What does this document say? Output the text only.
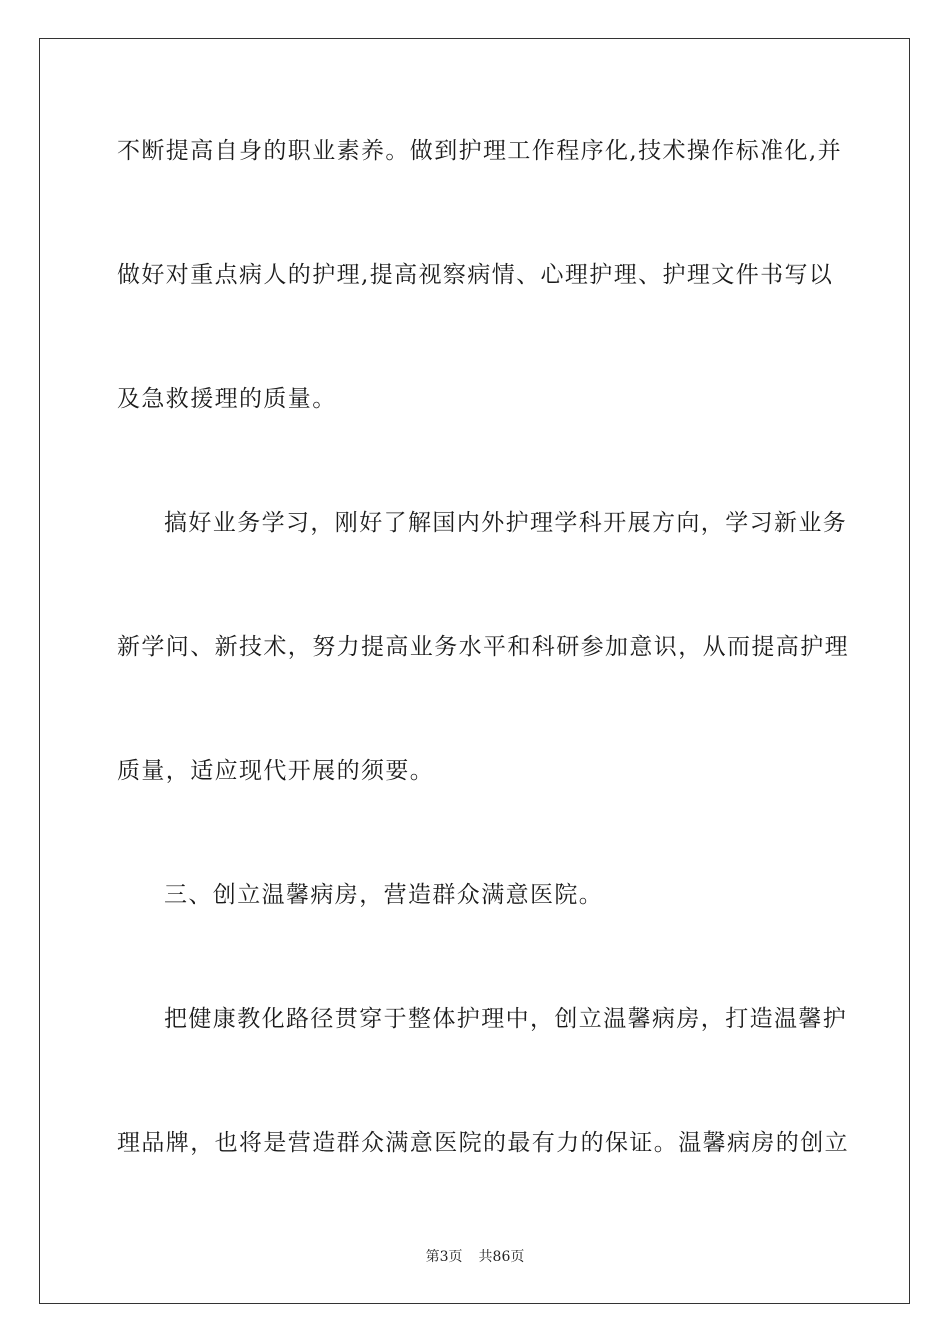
不断提高自身的职业素养。做到护理工作程序化,技术操作标准化,并
做好对重点病人的护理,提高视察病情、心理护理、护理文件书写以
及急救援理的质量。
搞好业务学习，刚好了解国内外护理学科开展方向，学习新业务
新学问、新技术，努力提高业务水平和科研参加意识，从而提高护理
质量，适应现代开展的须要。
三、创立温馨病房，营造群众满意医院。
把健康教化路径贯穿于整体护理中，创立温馨病房，打造温馨护
理品牌，也将是营造群众满意医院的最有力的保证。温馨病房的创立
第3页 共86页
